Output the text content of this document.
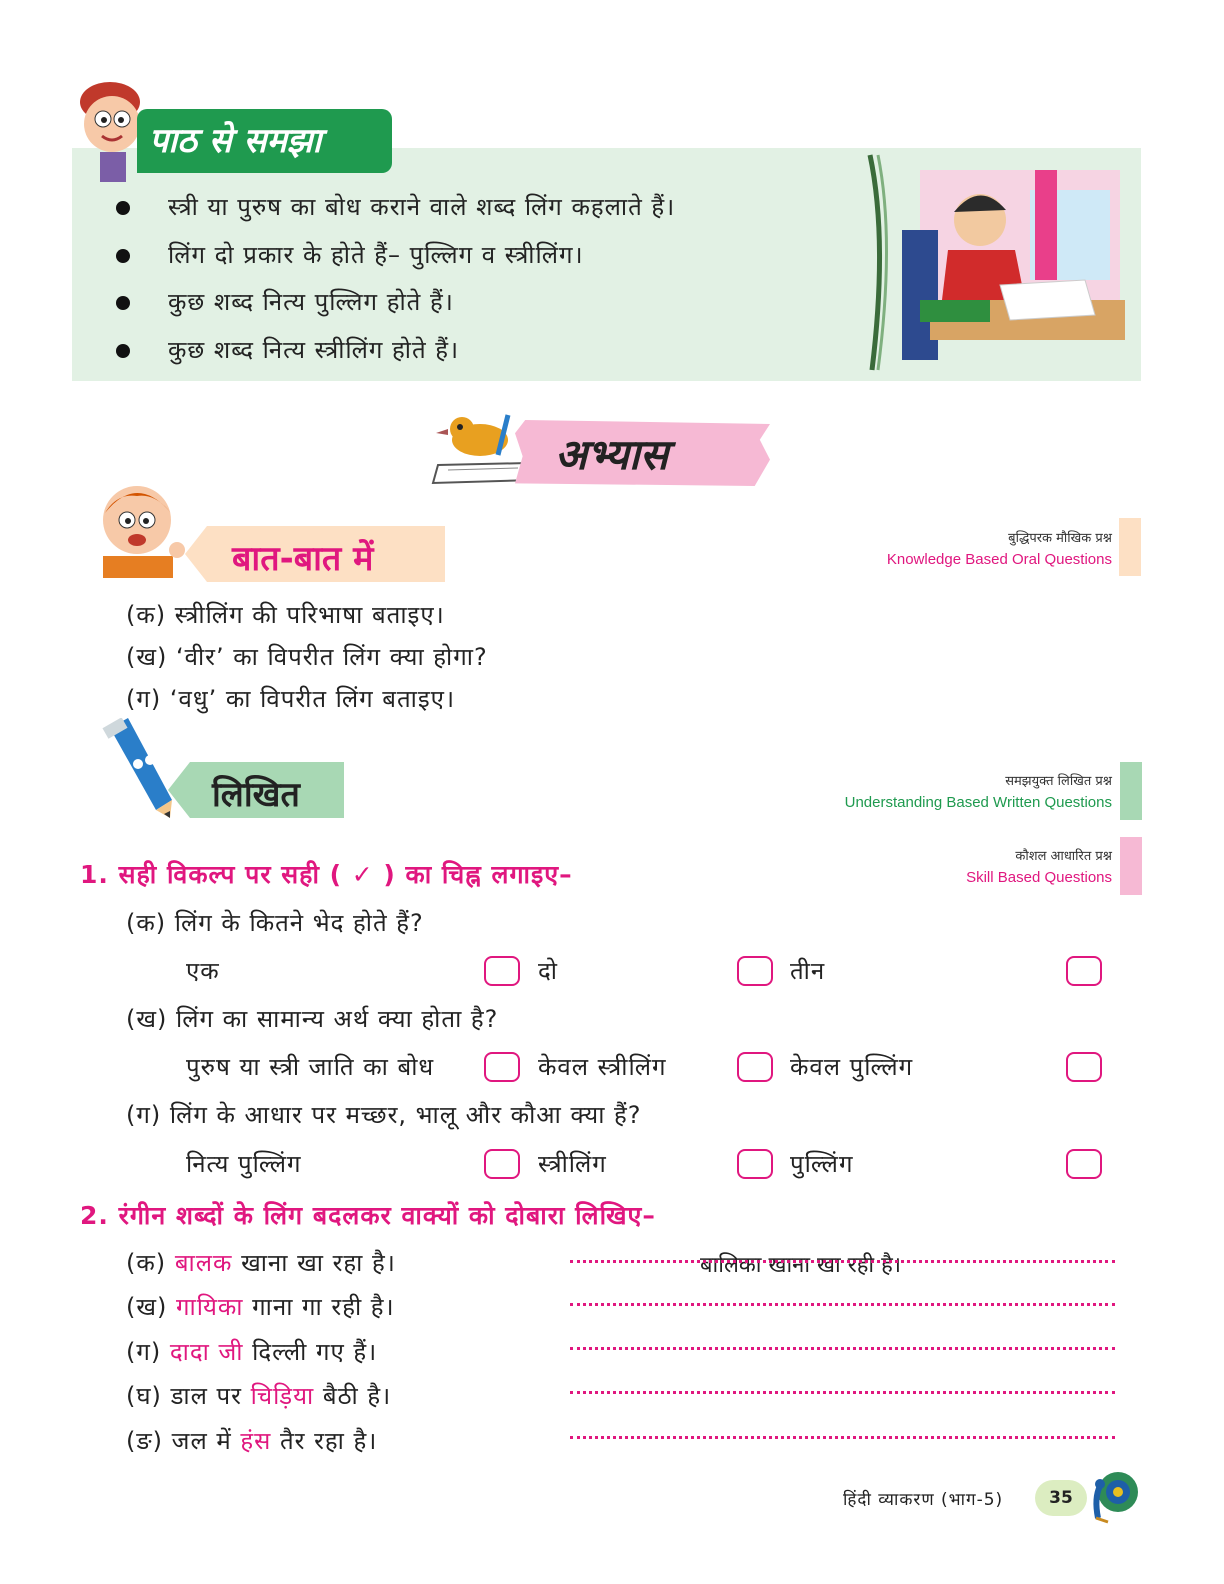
पाठ से समझा
स्त्री या पुरुष का बोध कराने वाले शब्द लिंग कहलाते हैं।
लिंग दो प्रकार के होते हैं– पुल्लिग व स्त्रीलिंग।
कुछ शब्द नित्य पुल्लिग होते हैं।
कुछ शब्द नित्य स्त्रीलिंग होते हैं।
अभ्यास
बात-बात में
बुद्धिपरक मौखिक प्रश्न
Knowledge Based Oral Questions
(क) स्त्रीलिंग की परिभाषा बताइए।
(ख) ‘वीर’ का विपरीत लिंग क्या होगा?
(ग) ‘वधु’ का विपरीत लिंग बताइए।
लिखित	समझयुक्त लिखित प्रश्न
Understanding Based Written Questions
कौशल आधारित प्रश्न
Skill Based Questions
1. सही विकल्प पर सही ( ✓ ) का चिह्न लगाइए–
(क) लिंग के कितने भेद होते हैं?
एक	दो	तीन
(ख) लिंग का सामान्य अर्थ क्या होता है?
पुरुष या स्त्री जाति का बोध	केवल स्त्रीलिंग	केवल पुल्लिंग
(ग) लिंग के आधार पर मच्छर, भालू और कौआ क्या हैं?
नित्य पुल्लिंग	स्त्रीलिंग	पुल्लिंग
2. रंगीन शब्दों के लिंग बदलकर वाक्यों को दोबारा लिखिए–
(क) बालक खाना खा रहा है।	बालिका खाना खा रही है।
(ख) गायिका गाना गा रही है।
(ग) दादा जी दिल्ली गए हैं।
(घ) डाल पर चिड़िया बैठी है।
(ङ) जल में हंस तैर रहा है।
हिंदी व्याकरण (भाग-5)	35
